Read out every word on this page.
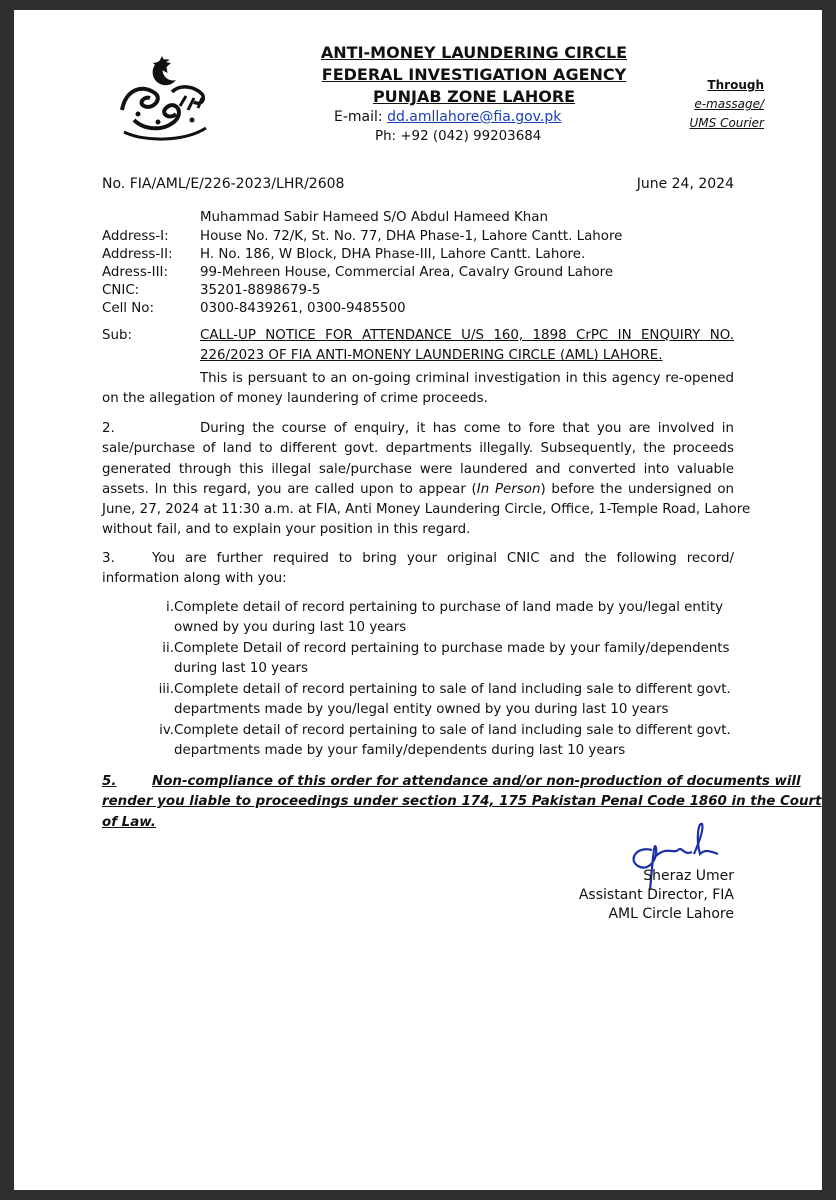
ANTI-MONEY LAUNDERING CIRCLE
FEDERAL INVESTIGATION AGENCY
PUNJAB ZONE LAHORE
E-mail: dd.amllahore@fia.gov.pk
Ph: +92 (042) 99203684
Through
e-massage/
UMS Courier
No. FIA/AML/E/226-2023/LHR/2608	June 24, 2024
Muhammad Sabir Hameed S/O Abdul Hameed Khan
Address-I: House No. 72/K, St. No. 77, DHA Phase-1, Lahore Cantt. Lahore
Address-II: H. No. 186, W Block, DHA Phase-III, Lahore Cantt. Lahore.
Adress-III: 99-Mehreen House, Commercial Area, Cavalry Ground Lahore
CNIC:	35201-8898679-5
Cell No:	0300-8439261, 0300-9485500
Sub:	CALL-UP NOTICE FOR ATTENDANCE U/S 160, 1898 CrPC IN ENQUIRY NO.
226/2023 OF FIA ANTI-MONENY LAUNDERING CIRCLE (AML) LAHORE.
This is persuant to an on-going criminal investigation in this agency re-opened
on the allegation of money laundering of crime proceeds.
2.	During the course of enquiry, it has come to fore that you are involved in
sale/purchase of land to different govt. departments illegally. Subsequently, the proceeds
generated through this illegal sale/purchase were laundered and converted into valuable
assets. In this regard, you are called upon to appear (In Person) before the undersigned on
June, 27, 2024 at 11:30 a.m. at FIA, Anti Money Laundering Circle, Office, 1-Temple Road, Lahore
without fail, and to explain your position in this regard.
3.	You are further required to bring your original CNIC and the following record/
information along with you:
i. Complete detail of record pertaining to purchase of land made by you/legal entity
owned by you during last 10 years
ii. Complete Detail of record pertaining to purchase made by your family/dependents
during last 10 years
iii. Complete detail of record pertaining to sale of land including sale to different govt.
departments made by you/legal entity owned by you during last 10 years
iv. Complete detail of record pertaining to sale of land including sale to different govt.
departments made by your family/dependents during last 10 years
5.	Non-compliance of this order for attendance and/or non-production of documents will
render you liable to proceedings under section 174, 175 Pakistan Penal Code 1860 in the Court
of Law.
Sheraz Umer
Assistant Director, FIA
AML Circle Lahore
